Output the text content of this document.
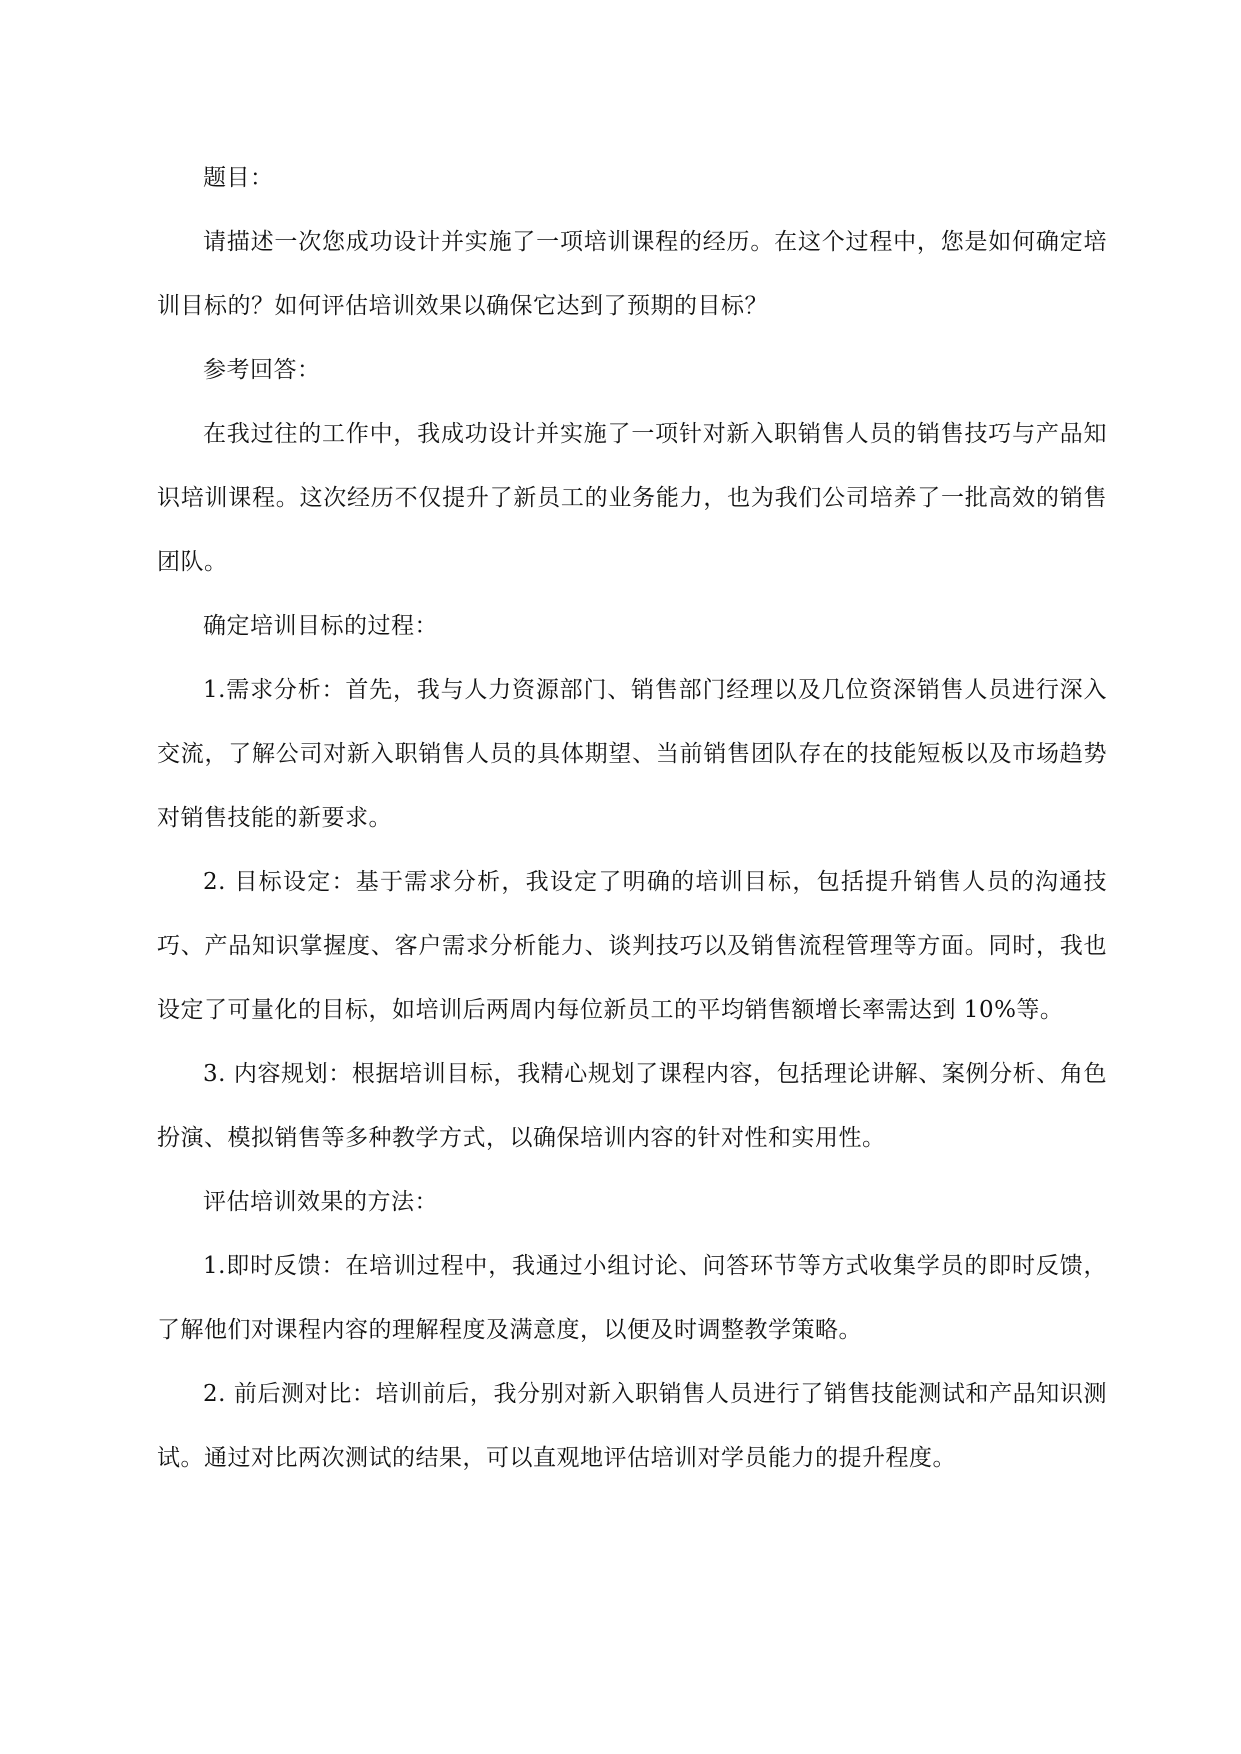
题目：

请描述一次您成功设计并实施了一项培训课程的经历。在这个过程中，您是如何确定培训目标的？如何评估培训效果以确保它达到了预期的目标？

参考回答：

在我过往的工作中，我成功设计并实施了一项针对新入职销售人员的销售技巧与产品知识培训课程。这次经历不仅提升了新员工的业务能力，也为我们公司培养了一批高效的销售团队。

确定培训目标的过程：

1.需求分析：首先，我与人力资源部门、销售部门经理以及几位资深销售人员进行深入交流，了解公司对新入职销售人员的具体期望、当前销售团队存在的技能短板以及市场趋势对销售技能的新要求。

2. 目标设定：基于需求分析，我设定了明确的培训目标，包括提升销售人员的沟通技巧、产品知识掌握度、客户需求分析能力、谈判技巧以及销售流程管理等方面。同时，我也设定了可量化的目标，如培训后两周内每位新员工的平均销售额增长率需达到 10%等。

3. 内容规划：根据培训目标，我精心规划了课程内容，包括理论讲解、案例分析、角色扮演、模拟销售等多种教学方式，以确保培训内容的针对性和实用性。

评估培训效果的方法：

1.即时反馈：在培训过程中，我通过小组讨论、问答环节等方式收集学员的即时反馈，了解他们对课程内容的理解程度及满意度，以便及时调整教学策略。

2. 前后测对比：培训前后，我分别对新入职销售人员进行了销售技能测试和产品知识测试。通过对比两次测试的结果，可以直观地评估培训对学员能力的提升程度。
